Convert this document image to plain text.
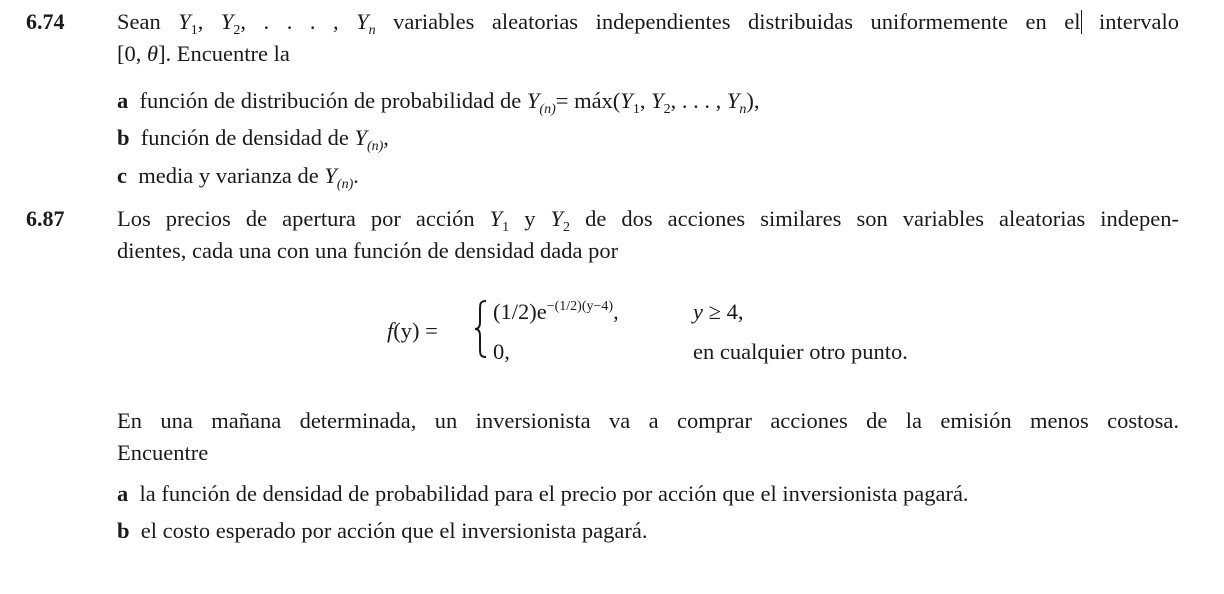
6.74 Sean $Y_1$, $Y_2$, . . . , $Y_n$ variables aleatorias independientes distribuidas uniformemente en el intervalo
[0, θ]. Encuentre la
a función de distribución de probabilidad de $Y_{(n)}=$ $máx(Y_1$, $Y_2$, . . . , $Y_n$),
b función de densidad de $Y_{(n)}$,
c media y varianza de $Y_{(n)}$.
6.87 Los precios de apertura por acción $Y_1$ y $Y_2$ de dos acciones similares son variables aleatorias indepen-
dientes, cada una con una función de densidad dada por
f(y) =
$(1/2)e^{-(1/2)(y-4)}$,	y ≥ 4,
0,	en cualquier otro punto.
En una mañana determinada, un inversionista va a comprar acciones de la emisión menos costosa.
Encuentre
a la función de densidad de probabilidad para el precio por acción que el inversionista pagará.
b el costo esperado por acción que el inversionista pagará.
